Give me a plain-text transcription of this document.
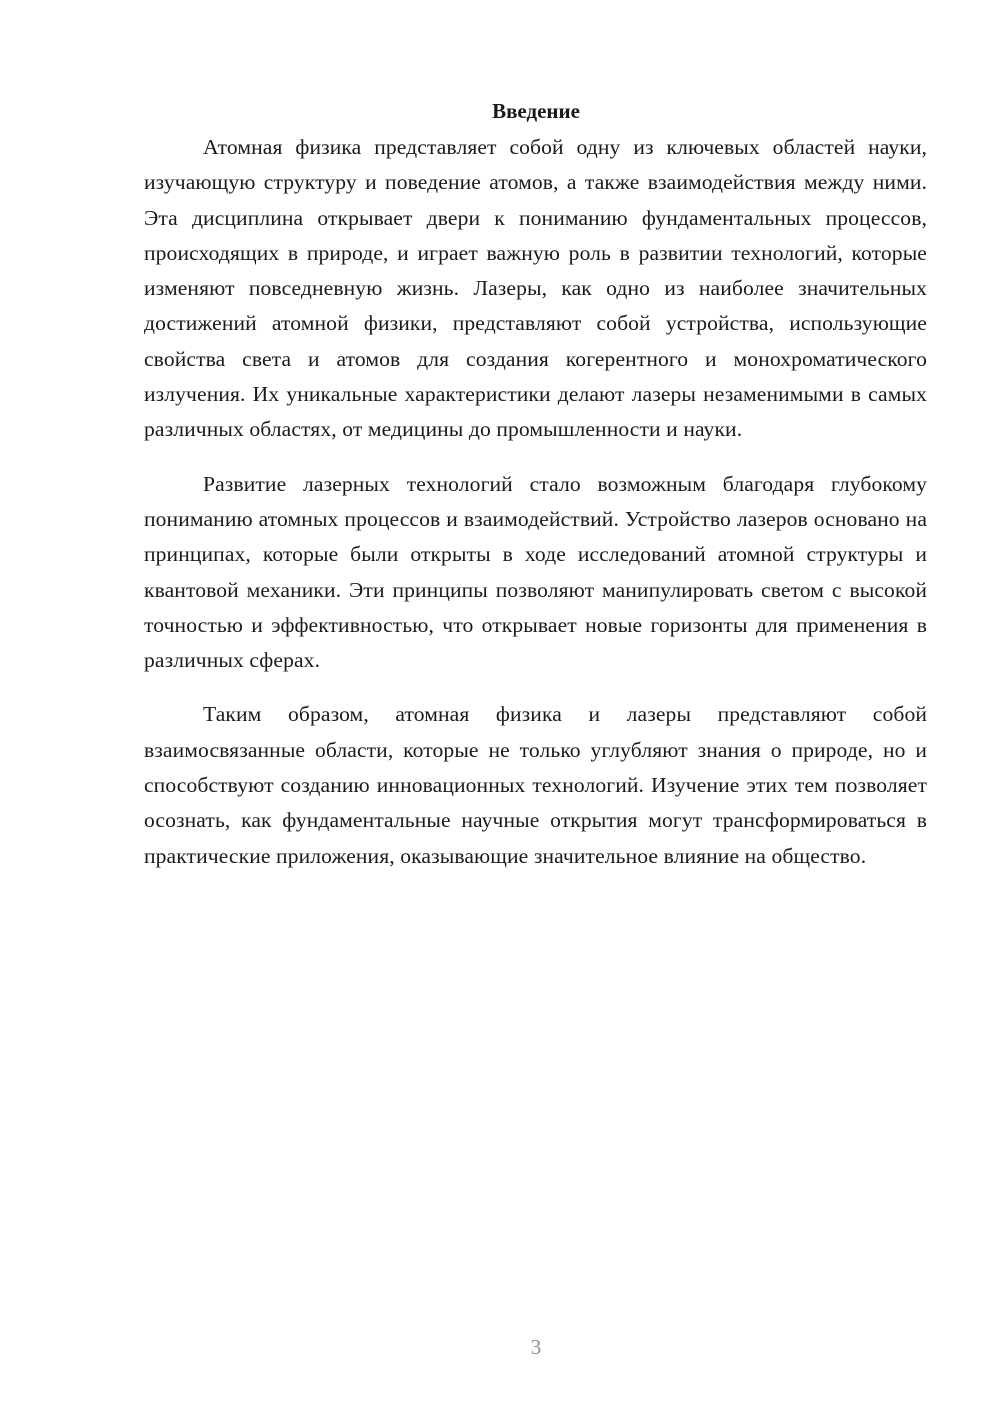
Введение

Атомная физика представляет собой одну из ключевых областей науки, изучающую структуру и поведение атомов, а также взаимодействия между ними. Эта дисциплина открывает двери к пониманию фундаментальных процессов, происходящих в природе, и играет важную роль в развитии технологий, которые изменяют повседневную жизнь. Лазеры, как одно из наиболее значительных достижений атомной физики, представляют собой устройства, использующие свойства света и атомов для создания когерентного и монохроматического излучения. Их уникальные характеристики делают лазеры незаменимыми в самых различных областях, от медицины до промышленности и науки.

Развитие лазерных технологий стало возможным благодаря глубокому пониманию атомных процессов и взаимодействий. Устройство лазеров основано на принципах, которые были открыты в ходе исследований атомной структуры и квантовой механики. Эти принципы позволяют манипулировать светом с высокой точностью и эффективностью, что открывает новые горизонты для применения в различных сферах.

Таким образом, атомная физика и лазеры представляют собой взаимосвязанные области, которые не только углубляют знания о природе, но и способствуют созданию инновационных технологий. Изучение этих тем позволяет осознать, как фундаментальные научные открытия могут трансформироваться в практические приложения, оказывающие значительное влияние на общество.

3
